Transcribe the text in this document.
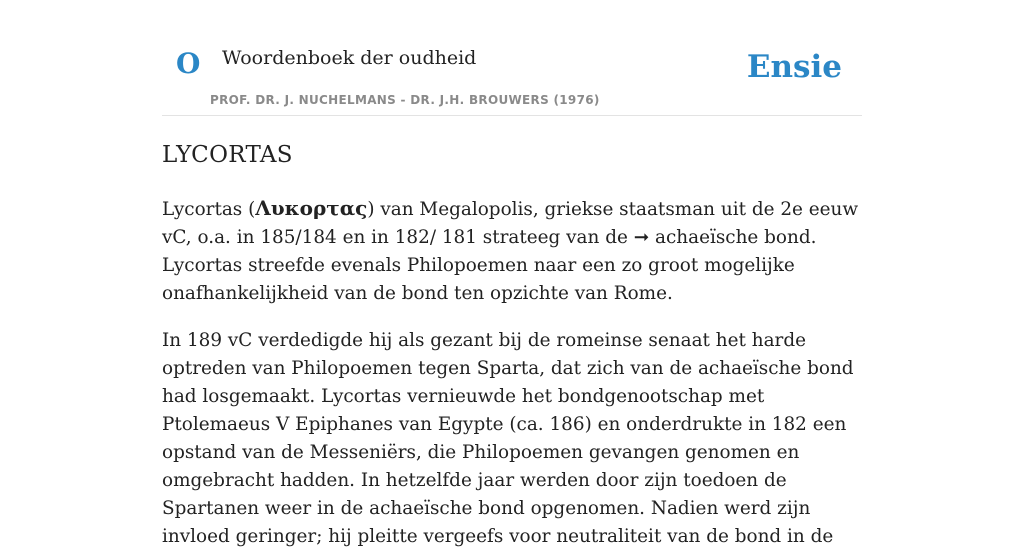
O Woordenboek der oudheid
PROF. DR. J. NUCHELMANS - DR. J.H. BROUWERS (1976)
Ensie
LYCORTAS

Lycortas (Λυκορτας) van Megalopolis, griekse staatsman uit de 2e eeuw vC, o.a. in 185/184 en in 182/ 181 strateeg van de ➞ achaeïsche bond. Lycortas streefde evenals Philopoemen naar een zo groot mogelijke onafhankelijkheid van de bond ten opzichte van Rome.

In 189 vC verdedigde hij als gezant bij de romeinse senaat het harde optreden van Philopoemen tegen Sparta, dat zich van de achaeïsche bond had losgemaakt. Lycortas vernieuwde het bondgenootschap met Ptolemaeus V Epiphanes van Egypte (ca. 186) en onderdrukte in 182 een opstand van de Messeniërs, die Philopoemen gevangen genomen en omgebracht hadden. In hetzelfde jaar werden door zijn toedoen de Spartanen weer in de achaeïsche bond opgenomen. Nadien werd zijn invloed geringer; hij pleitte vergeefs voor neutraliteit van de bond in de
